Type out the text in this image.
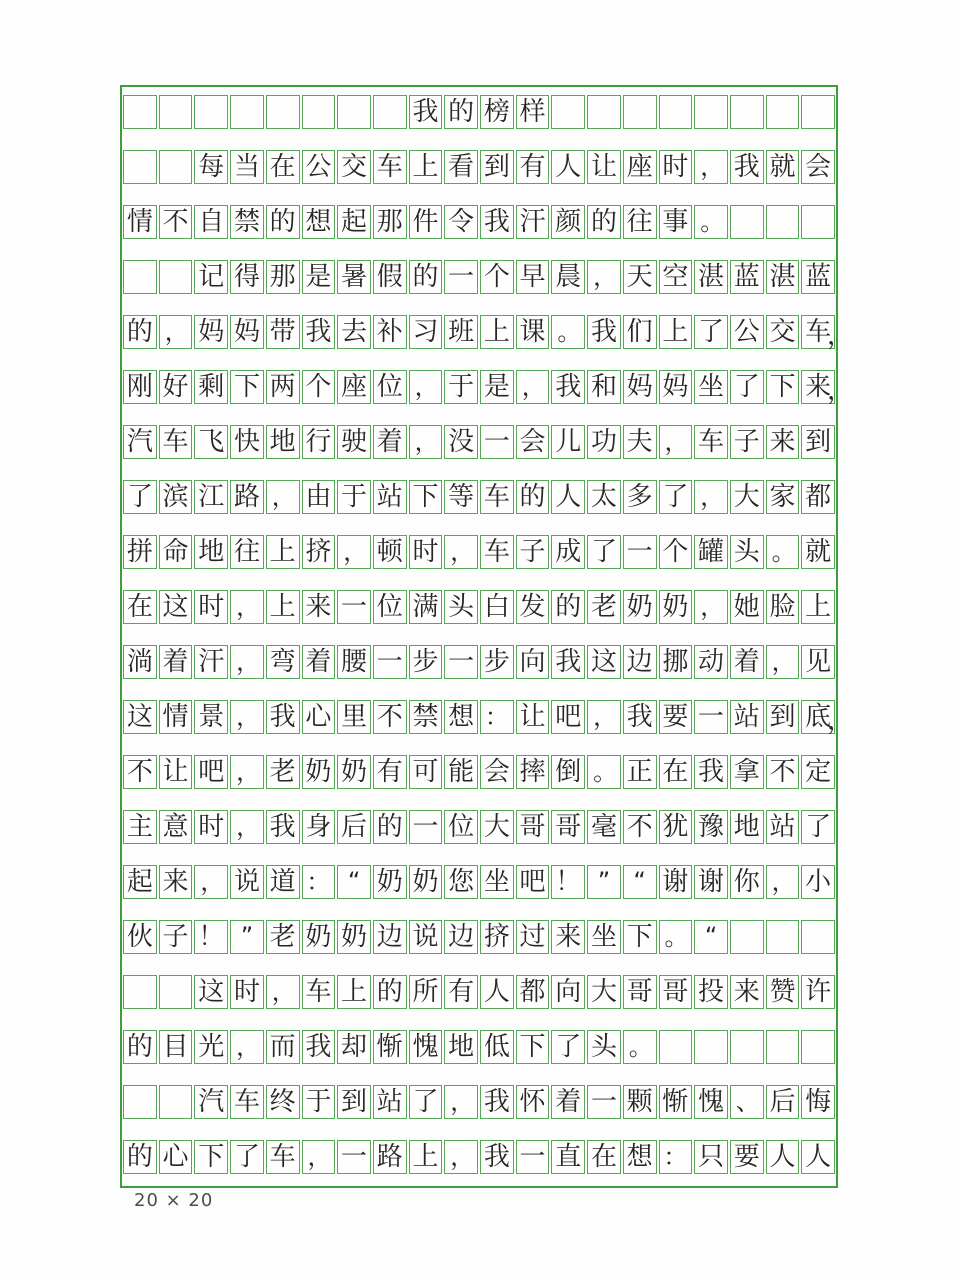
我 的 榜 样
每 当 在 公 交 车 上 看 到 有 人 让 座 时 ， 我 就 会
情 不 自 禁 的 想 起 那 件 令 我 汗 颜 的 往 事 。
记 得 那 是 暑 假 的 一 个 早 晨 ， 天 空 湛 蓝 湛 蓝
的 ， 妈 妈 带 我 去 补 习 班 上 课 。 我 们 上 了 公 交 车
，
刚 好 剩 下 两 个 座 位 ， 于 是 ， 我 和 妈 妈 坐 了 下 来
，
汽 车 飞 快 地 行 驶 着 ， 没 一 会 儿 功 夫 ， 车 子 来 到
了 滨 江 路 ， 由 于 站 下 等 车 的 人 太 多 了 ， 大 家 都
拼 命 地 往 上 挤 ， 顿 时 ， 车 子 成 了 一 个 罐 头 。 就
在 这 时 ， 上 来 一 位 满 头 白 发 的 老 奶 奶 ， 她 脸 上
淌 着 汗 ， 弯 着 腰 一 步 一 步 向 我 这 边 挪 动 着 ， 见
这 情 景 ， 我 心 里 不 禁 想 ： 让 吧 ， 我 要 一 站 到 底
，
不 让 吧 ， 老 奶 奶 有 可 能 会 摔 倒 。 正 在 我 拿 不 定
主 意 时 ， 我 身 后 的 一 位 大 哥 哥 毫 不 犹 豫 地 站 了
起 来 ， 说 道 ： “ 奶 奶 您 坐 吧 ！ ” “ 谢 谢 你 ， 小
伙 子 ！ ” 老 奶 奶 边 说 边 挤 过 来 坐 下 。 “
这 时 ， 车 上 的 所 有 人 都 向 大 哥 哥 投 来 赞 许
的 目 光 ， 而 我 却 惭 愧 地 低 下 了 头 。
汽 车 终 于 到 站 了 ， 我 怀 着 一 颗 惭 愧 、 后 悔
的 心 下 了 车 ， 一 路 上 ， 我 一 直 在 想 ： 只 要 人 人
20 × 20
